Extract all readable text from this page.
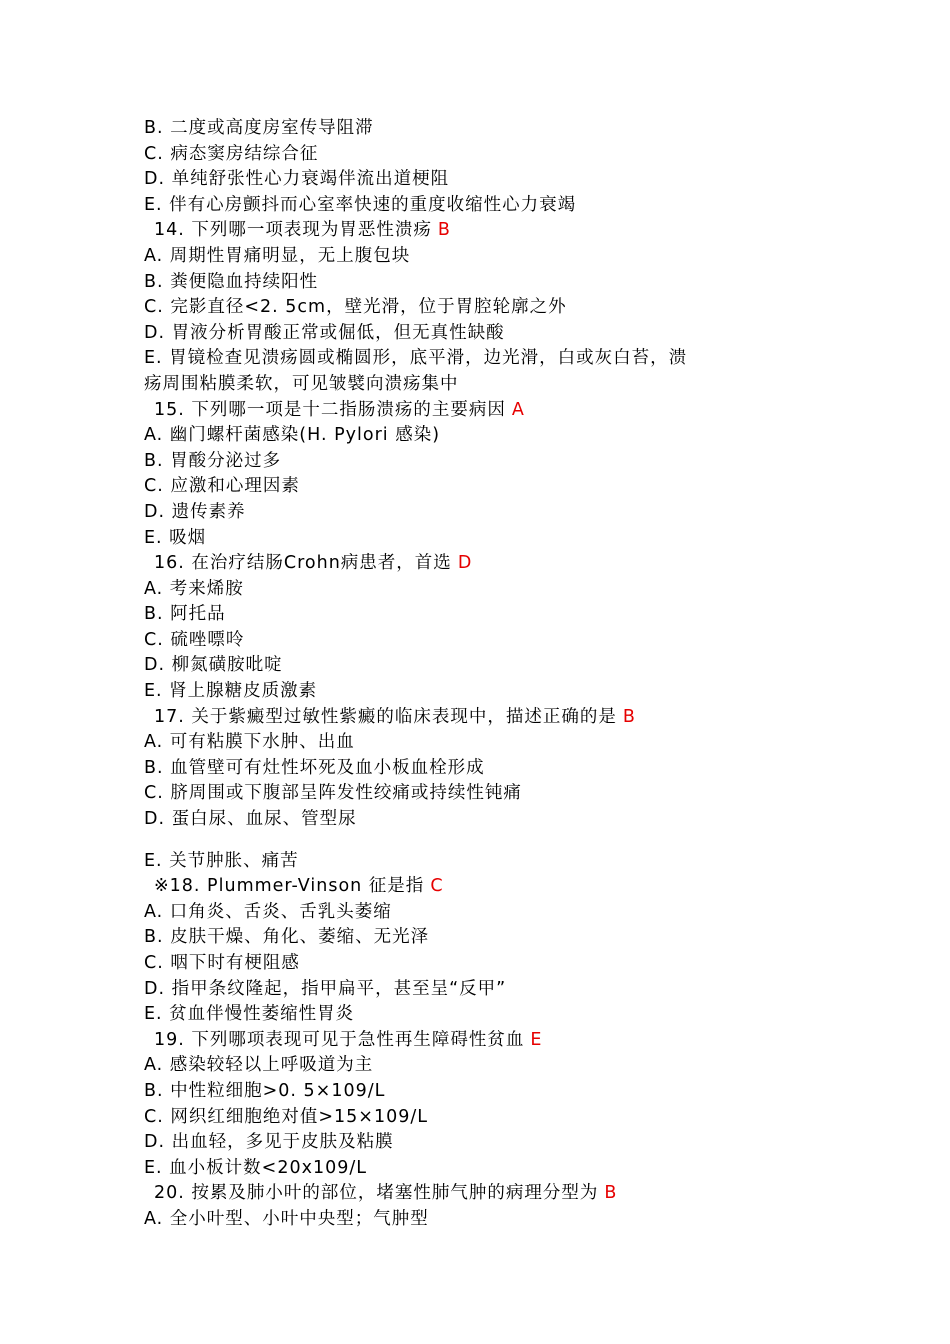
B. 二度或高度房室传导阻滞
C. 病态窦房结综合征
D. 单纯舒张性心力衰竭伴流出道梗阻
E. 伴有心房颤抖而心室率快速的重度收缩性心力衰竭
14. 下列哪一项表现为胃恶性溃疡 B
A. 周期性胃痛明显，无上腹包块
B. 粪便隐血持续阳性
C. 完影直径<2. 5cm，壁光滑，位于胃腔轮廓之外
D. 胃液分析胃酸正常或倔低，但无真性缺酸
E. 胃镜检查见溃疡圆或椭圆形，底平滑，边光滑，白或灰白苔，溃
疡周围粘膜柔软，可见皱襞向溃疡集中
15. 下列哪一项是十二指肠溃疡的主要病因 A
A. 幽门螺杆菌感染(H. Pylori 感染)
B. 胃酸分泌过多
C. 应激和心理因素
D. 遗传素养
E. 吸烟
16. 在治疗结肠Crohn病患者，首选 D
A. 考来烯胺
B. 阿托品
C. 硫唑嘌呤
D. 柳氮磺胺吡啶
E. 肾上腺糖皮质激素
17. 关于紫癜型过敏性紫癜的临床表现中，描述正确的是 B
A. 可有粘膜下水肿、出血
B. 血管壁可有灶性坏死及血小板血栓形成
C. 脐周围或下腹部呈阵发性绞痛或持续性钝痛
D. 蛋白尿、血尿、管型尿
E. 关节肿胀、痛苦
※18. Plummer-Vinson 征是指 C
A. 口角炎、舌炎、舌乳头萎缩
B. 皮肤干燥、角化、萎缩、无光泽
C. 咽下时有梗阻感
D. 指甲条纹隆起，指甲扁平，甚至呈“反甲”
E. 贫血伴慢性萎缩性胃炎
19. 下列哪项表现可见于急性再生障碍性贫血 E
A. 感染较轻以上呼吸道为主
B. 中性粒细胞>0. 5×109/L
C. 网织红细胞绝对值>15×109/L
D. 出血轻，多见于皮肤及粘膜
E. 血小板计数<20x109/L
20. 按累及肺小叶的部位，堵塞性肺气肿的病理分型为 B
A. 全小叶型、小叶中央型；气肿型
